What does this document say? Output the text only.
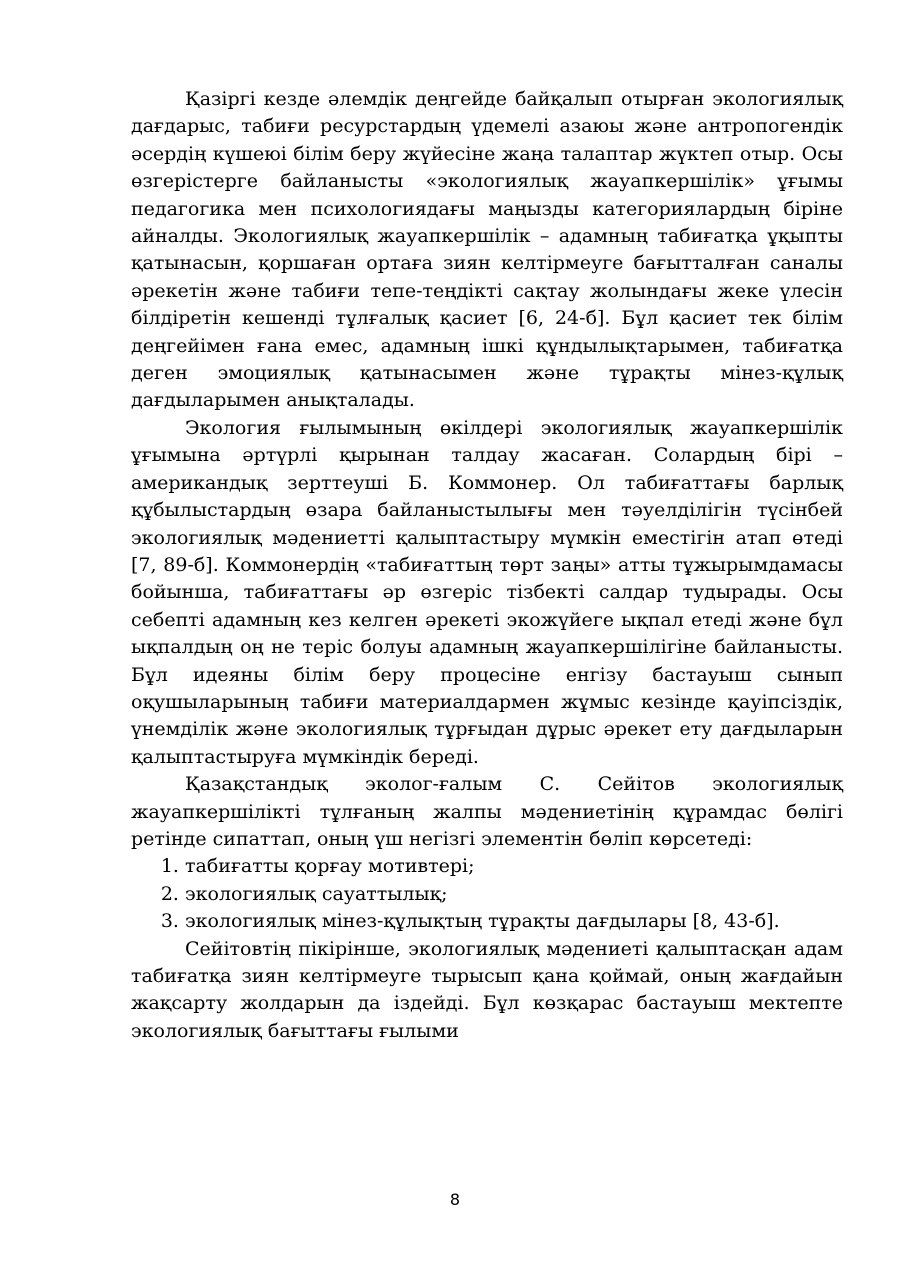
Қазіргі кезде әлемдік деңгейде байқалып отырған экологиялық дағдарыс, табиғи ресурстардың үдемелі азаюы және антропогендік әсердің күшеюі білім беру жүйесіне жаңа талаптар жүктеп отыр. Осы өзгерістерге байланысты «экологиялық жауапкершілік» ұғымы педагогика мен психологиядағы маңызды категориялардың біріне айналды. Экологиялық жауапкершілік – адамның табиғатқа ұқыпты қатынасын, қоршаған ортаға зиян келтірмеуге бағытталған саналы әрекетін және табиғи тепе-теңдікті сақтау жолындағы жеке үлесін білдіретін кешенді тұлғалық қасиет [6, 24-б]. Бұл қасиет тек білім деңгейімен ғана емес, адамның ішкі құндылықтарымен, табиғатқа деген эмоциялық қатынасымен және тұрақты мінез-құлық дағдыларымен анықталады.

Экология ғылымының өкілдері экологиялық жауапкершілік ұғымына әртүрлі қырынан талдау жасаған. Солардың бірі – американдық зерттеуші Б. Коммонер. Ол табиғаттағы барлық құбылыстардың өзара байланыстылығы мен тәуелділігін түсінбей экологиялық мәдениетті қалыптастыру мүмкін еместігін атап өтеді [7, 89-б]. Коммонердің «табиғаттың төрт заңы» атты тұжырымдамасы бойынша, табиғаттағы әр өзгеріс тізбекті салдар тудырады. Осы себепті адамның кез келген әрекеті экожүйеге ықпал етеді және бұл ықпалдың оң не теріс болуы адамның жауапкершілігіне байланысты. Бұл идеяны білім беру процесіне енгізу бастауыш сынып оқушыларының табиғи материалдармен жұмыс кезінде қауіпсіздік, үнемділік және экологиялық тұрғыдан дұрыс әрекет ету дағдыларын қалыптастыруға мүмкіндік береді.

Қазақстандық эколог-ғалым С. Сейітов экологиялық жауапкершілікті тұлғаның жалпы мәдениетінің құрамдас бөлігі ретінде сипаттап, оның үш негізгі элементін бөліп көрсетеді:

1. табиғатты қорғау мотивтері;
2. экологиялық сауаттылық;
3. экологиялық мінез-құлықтың тұрақты дағдылары [8, 43-б].

Сейітовтің пікірінше, экологиялық мәдениеті қалыптасқан адам табиғатқа зиян келтірмеуге тырысып қана қоймай, оның жағдайын жақсарту жолдарын да іздейді. Бұл көзқарас бастауыш мектепте экологиялық бағыттағы ғылыми

8
